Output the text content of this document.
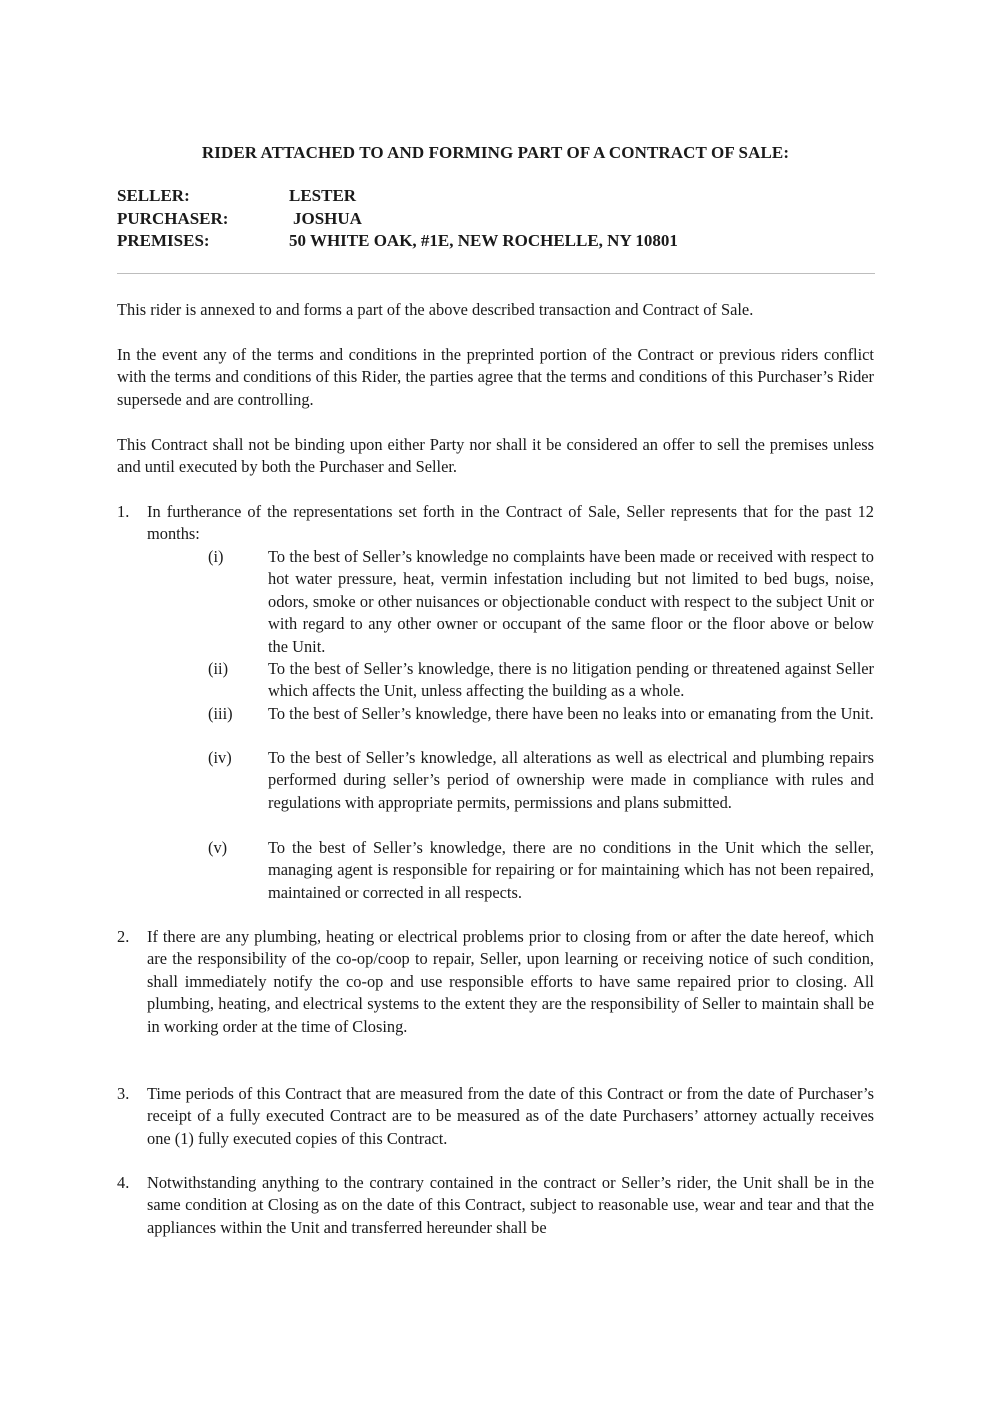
RIDER ATTACHED TO AND FORMING PART OF A CONTRACT OF SALE:
SELLER:	LESTER
PURCHASER:	JOSHUA
PREMISES:	50 WHITE OAK, #1E, NEW ROCHELLE, NY 10801

This rider is annexed to and forms a part of the above described transaction and Contract of Sale.

In the event any of the terms and conditions in the preprinted portion of the Contract or previous riders conflict with the terms and conditions of this Rider, the parties agree that the terms and conditions of this Purchaser’s Rider supersede and are controlling.

This Contract shall not be binding upon either Party nor shall it be considered an offer to sell the premises unless and until executed by both the Purchaser and Seller.

1. In furtherance of the representations set forth in the Contract of Sale, Seller represents that for the past 12 months:

(i)	To the best of Seller’s knowledge no complaints have been made or received with respect to hot water pressure, heat, vermin infestation including but not limited to bed bugs, noise, odors, smoke or other nuisances or objectionable conduct with respect to the subject Unit or with regard to any other owner or occupant of the same floor or the floor above or below the Unit.

(ii) To the best of Seller’s knowledge, there is no litigation pending or threatened against Seller which affects the Unit, unless affecting the building as a whole.

(iii) To the best of Seller’s knowledge, there have been no leaks into or emanating from the Unit.

(iv) To the best of Seller’s knowledge, all alterations as well as electrical and plumbing repairs performed during seller’s period of ownership were made in compliance with rules and regulations with appropriate permits, permissions and plans submitted.

(v) To the best of Seller’s knowledge, there are no conditions in the Unit which the seller, managing agent is responsible for repairing or for maintaining which has not been repaired, maintained or corrected in all respects.

2. If there are any plumbing, heating or electrical problems prior to closing from or after the date hereof, which are the responsibility of the co-op/coop to repair, Seller, upon learning or receiving notice of such condition, shall immediately notify the co-op and use responsible efforts to have same repaired prior to closing. All plumbing, heating, and electrical systems to the extent they are the responsibility of Seller to maintain shall be in working order at the time of Closing.

3. Time periods of this Contract that are measured from the date of this Contract or from the date of Purchaser’s receipt of a fully executed Contract are to be measured as of the date Purchasers’ attorney actually receives one (1) fully executed copies of this Contract.

4. Notwithstanding anything to the contrary contained in the contract or Seller’s rider, the Unit shall be in the same condition at Closing as on the date of this Contract, subject to reasonable use, wear and tear and that the appliances within the Unit and transferred hereunder shall be
